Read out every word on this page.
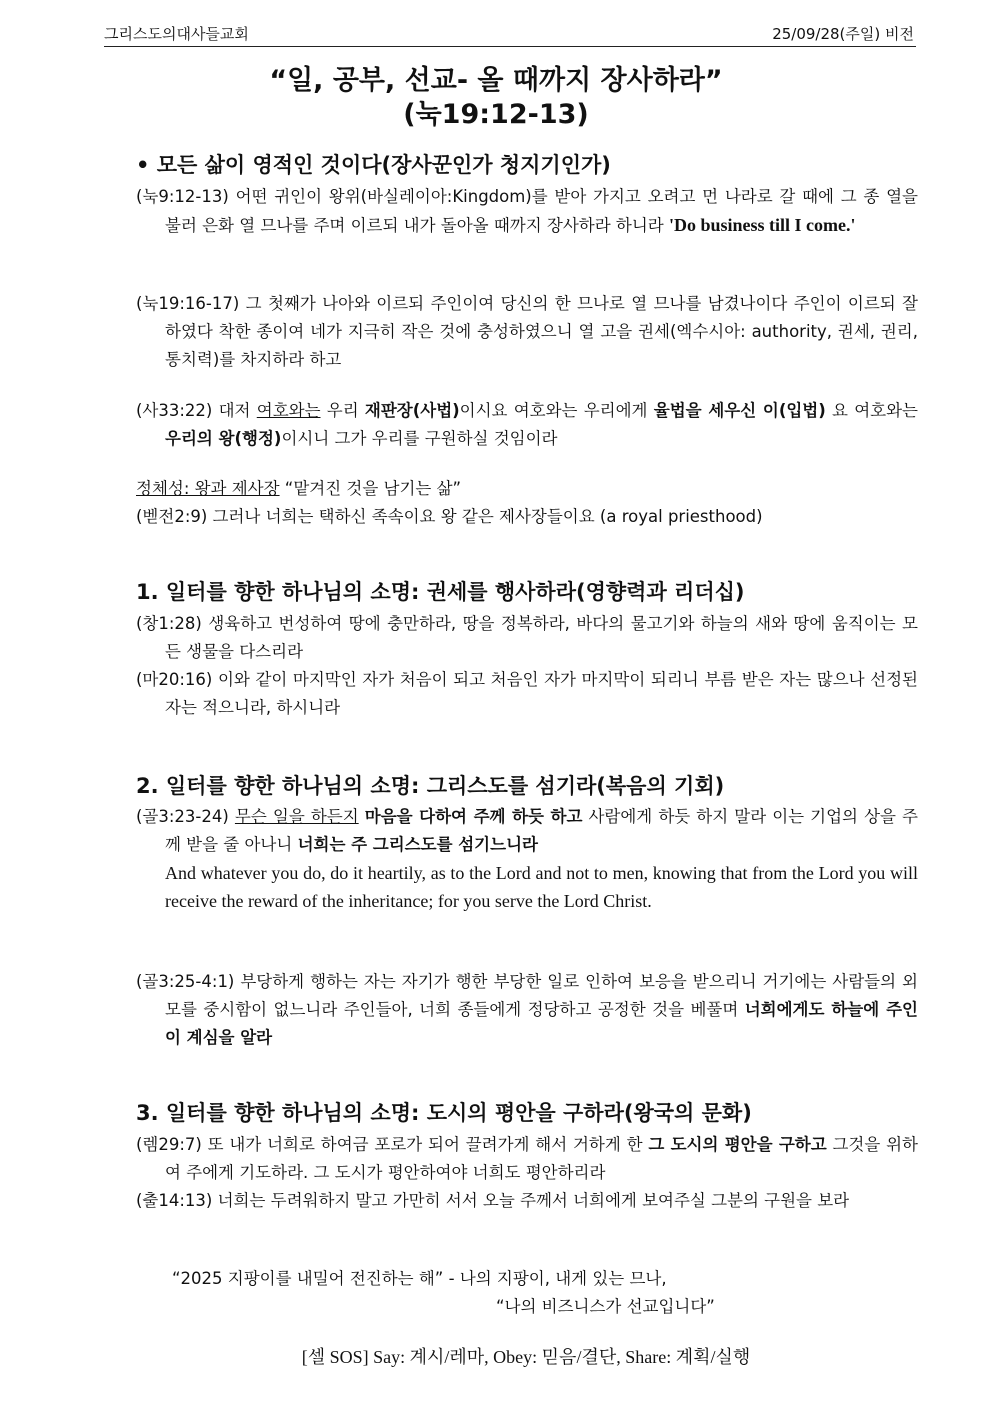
그리스도의대사들교회	25/09/28(주일) 비전
“일, 공부, 선교- 올 때까지 장사하라”
(눅19:12-13)
• 모든 삶이 영적인 것이다(장사꾼인가 청지기인가)

(눅9:12-13) 어떤 귀인이 왕위(바실레이아:Kingdom)를 받아 가지고 오려고 먼 나라로 갈 때에 그 종 열을 불러 은화 열 므나를 주며 이르되 내가 돌아올 때까지 장사하라 하니라 'Do business till I come.'

(눅19:16-17) 그 첫째가 나아와 이르되 주인이여 당신의 한 므나로 열 므나를 남겼나이다 주인이 이르되 잘하였다 착한 종이여 네가 지극히 작은 것에 충성하였으니 열 고을 권세(엑수시아: authority, 권세, 권리, 통치력)를 차지하라 하고

(사33:22) 대저 여호와는 우리 재판장(사법)이시요 여호와는 우리에게 율법을 세우신 이(입법) 요 여호와는 우리의 왕(행정)이시니 그가 우리를 구원하실 것임이라

정체성: 왕과 제사장 “맡겨진 것을 남기는 삶”
(벧전2:9) 그러나 너희는 택하신 족속이요 왕 같은 제사장들이요 (a royal priesthood)
1. 일터를 향한 하나님의 소명: 권세를 행사하라(영향력과 리더십)

(창1:28) 생육하고 번성하여 땅에 충만하라, 땅을 정복하라, 바다의 물고기와 하늘의 새와 땅에 움직이는 모든 생물을 다스리라

(마20:16) 이와 같이 마지막인 자가 처음이 되고 처음인 자가 마지막이 되리니 부름 받은 자는 많으나 선정된 자는 적으니라, 하시니라

2. 일터를 향한 하나님의 소명: 그리스도를 섬기라(복음의 기회)

(골3:23-24) 무슨 일을 하든지 마음을 다하여 주께 하듯 하고 사람에게 하듯 하지 말라 이는 기업의 상을 주께 받을 줄 아나니 너희는 주 그리스도를 섬기느니라

And whatever you do, do it heartily, as to the Lord and not to men, knowing that from the Lord you will receive the reward of the inheritance; for you serve the Lord Christ.

(골3:25-4:1) 부당하게 행하는 자는 자기가 행한 부당한 일로 인하여 보응을 받으리니 거기에는 사람들의 외모를 중시함이 없느니라 주인들아, 너희 종들에게 정당하고 공정한 것을 베풀며 너희에게도 하늘에 주인이 계심을 알라

3. 일터를 향한 하나님의 소명: 도시의 평안을 구하라(왕국의 문화)

(렘29:7) 또 내가 너희로 하여금 포로가 되어 끌려가게 해서 거하게 한 그 도시의 평안을 구하고 그것을 위하여 주에게 기도하라. 그 도시가 평안하여야 너희도 평안하리라

(출14:13) 너희는 두려워하지 말고 가만히 서서 오늘 주께서 너희에게 보여주실 그분의 구원을 보라

“2025 지팡이를 내밀어 전진하는 해” - 나의 지팡이, 내게 있는 므나,
“나의 비즈니스가 선교입니다”
[셀 SOS] Say: 계시/레마, Obey: 믿음/결단, Share: 계획/실행
